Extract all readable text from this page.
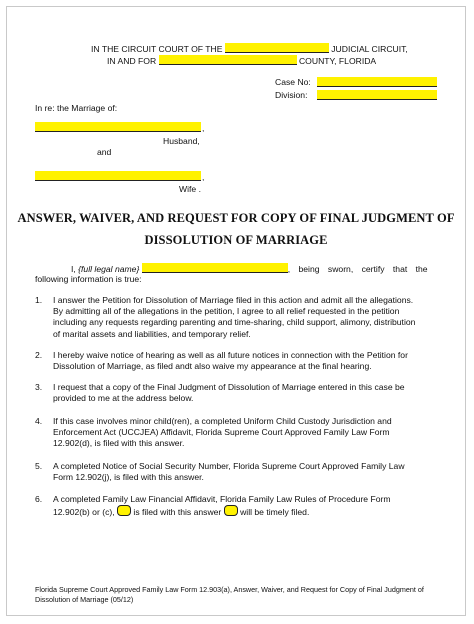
IN THE CIRCUIT COURT OF THE	JUDICIAL CIRCUIT,
IN AND FOR	COUNTY, FLORIDA
Case No:
Division:
In re: the Marriage of:
,
Husband,
and
,
Wife .
ANSWER, WAIVER, AND REQUEST FOR COPY OF FINAL JUDGMENT OF
DISSOLUTION OF MARRIAGE
I, {full legal name}	, being sworn, certify that the
following information is true:
1. I answer the Petition for Dissolution of Marriage filed in this action and admit all the allegations.
By admitting all of the allegations in the petition, I agree to all relief requested in the petition
including any requests regarding parenting and time-sharing, child support, alimony, distribution
of marital assets and liabilities, and temporary relief.
2. I hereby waive notice of hearing as well as all future notices in connection with the Petition for
Dissolution of Marriage, as filed andt also waive my appearance at the final hearing.
3. I request that a copy of the Final Judgment of Dissolution of Marriage entered in this case be
provided to me at the address below.
4. If this case involves minor child(ren), a completed Uniform Child Custody Jurisdiction and
Enforcement Act (UCCJEA) Affidavit, Florida Supreme Court Approved Family Law Form
12.902(d), is filed with this answer.
5. A completed Notice of Social Security Number, Florida Supreme Court Approved Family Law
Form 12.902(j), is filed with this answer.
6. A completed Family Law Financial Affidavit, Florida Family Law Rules of Procedure Form
12.902(b) or (c), is filed with this answer will be timely filed.
Florida Supreme Court Approved Family Law Form 12.903(a), Answer, Waiver, and Request for Copy of Final Judgment of
Dissolution of Marriage (05/12)
